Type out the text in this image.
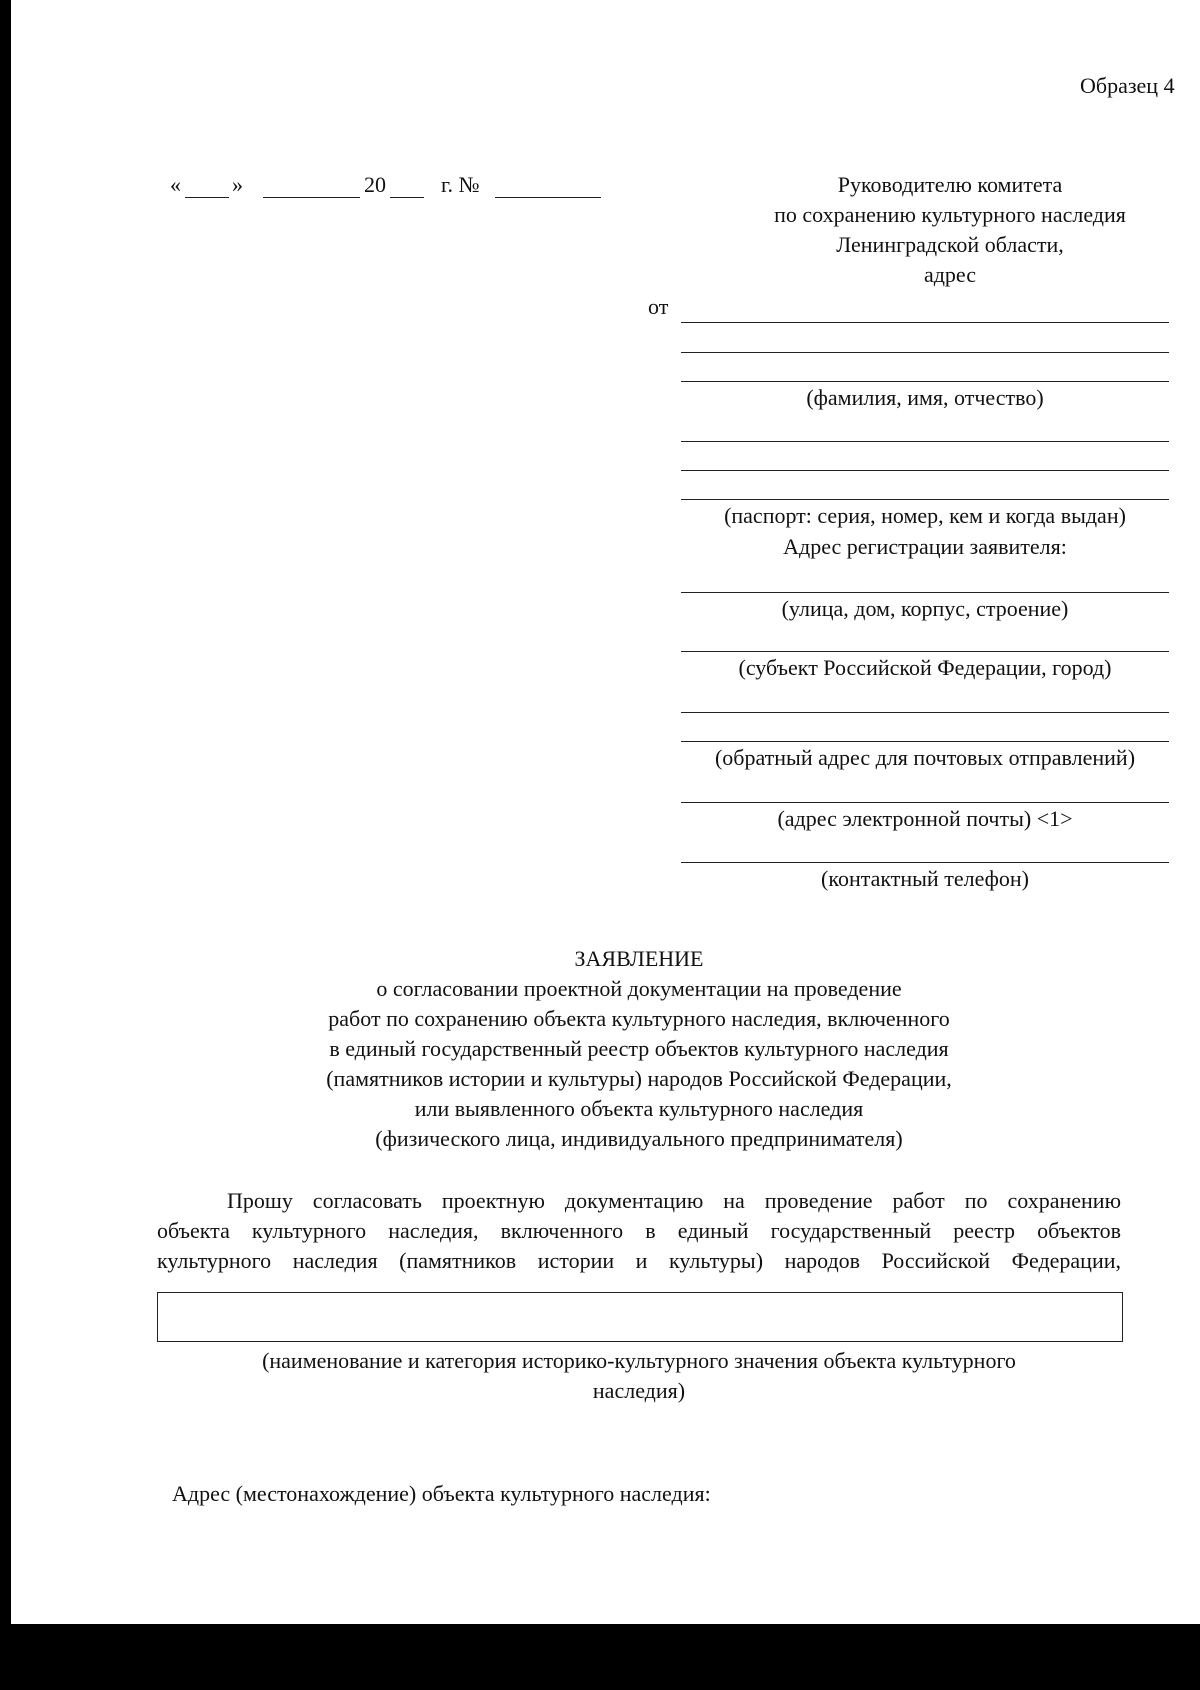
Образец 4
« »	20	г. №	Руководителю комитета
по сохранению культурного наследия
Ленинградской области,
адрес
от
(фамилия, имя, отчество)
(паспорт: серия, номер, кем и когда выдан)
Адрес регистрации заявителя:
(улица, дом, корпус, строение)
(субъект Российской Федерации, город)
(обратный адрес для почтовых отправлений)
(адрес электронной почты) <1>
(контактный телефон)
ЗАЯВЛЕНИЕ
о согласовании проектной документации на проведение
работ по сохранению объекта культурного наследия, включенного
в единый государственный реестр объектов культурного наследия
(памятников истории и культуры) народов Российской Федерации,
или выявленного объекта культурного наследия
(физического лица, индивидуального предпринимателя)
Прошу согласовать проектную документацию на проведение работ по сохранению
объекта культурного наследия, включенного в единый государственный реестр объектов
культурного наследия (памятников истории и культуры) народов Российской Федерации,
(наименование и категория историко-культурного значения объекта культурного
наследия)
Адрес (местонахождение) объекта культурного наследия:
